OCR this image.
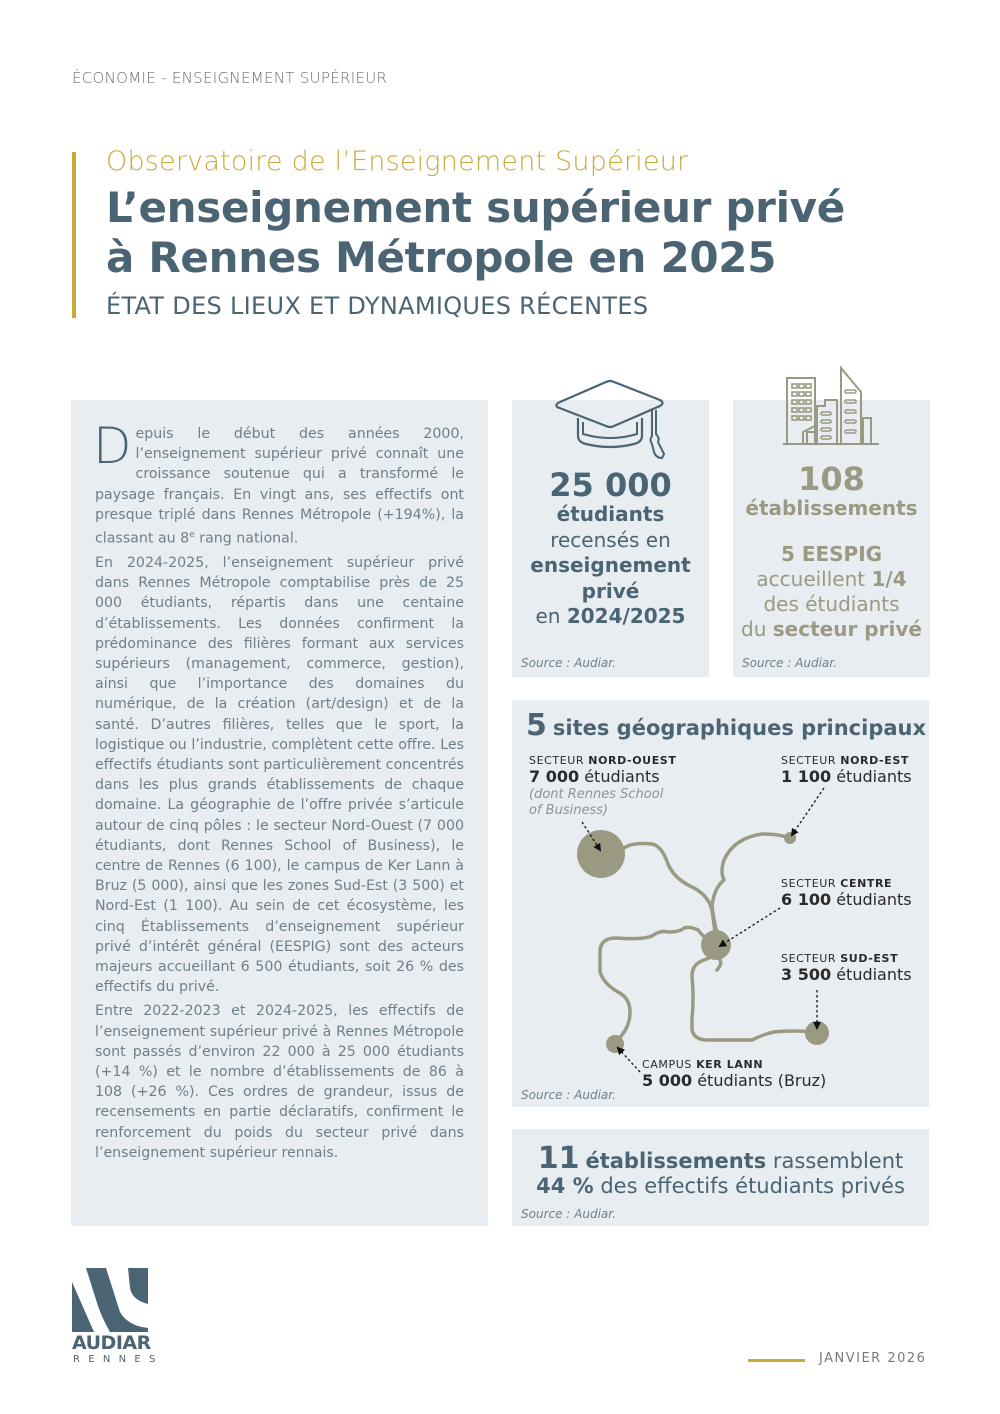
ÉCONOMIE - ENSEIGNEMENT SUPÉRIEUR
Observatoire de l’Enseignement Supérieur
L’enseignement supérieur privé
à Rennes Métropole en 2025
ÉTAT DES LIEUX ET DYNAMIQUES RÉCENTES

Depuis le début des années 2000, l’enseignement supérieur privé connaît une croissance soutenue qui a transformé le paysage français. En vingt ans, ses effectifs ont presque triplé dans Rennes Métropole (+194%), la classant au 8e rang national.

En 2024-2025, l’enseignement supérieur privé dans Rennes Métropole comptabilise près de 25 000 étudiants, répartis dans une centaine d’établissements. Les données confirment la prédominance des filières formant aux services supérieurs (management, commerce, gestion), ainsi que l’importance des domaines du numérique, de la création (art/design) et de la santé. D’autres filières, telles que le sport, la logistique ou l’industrie, complètent cette offre. Les effectifs étudiants sont particulièrement concentrés dans les plus grands établissements de chaque domaine. La géographie de l’offre privée s’articule autour de cinq pôles : le secteur Nord-Ouest (7 000 étudiants, dont Rennes School of Business), le centre de Rennes (6 100), le campus de Ker Lann à Bruz (5 000), ainsi que les zones Sud-Est (3 500) et Nord-Est (1 100). Au sein de cet écosystème, les cinq Établissements d’enseignement supérieur privé d’intérêt général (EESPIG) sont des acteurs majeurs accueillant 6 500 étudiants, soit 26 % des effectifs du privé.

Entre 2022-2023 et 2024-2025, les effectifs de l’enseignement supérieur privé à Rennes Métropole sont passés d’environ 22 000 à 25 000 étudiants (+14 %) et le nombre d’établissements de 86 à 108 (+26 %). Ces ordres de grandeur, issus de recensements en partie déclaratifs, confirment le renforcement du poids du secteur privé dans l’enseignement supérieur rennais.

25 000
étudiants
recensés en
enseignement
privé
en 2024/2025
Source : Audiar.
108
établissements
5 EESPIG
accueillent 1/4
des étudiants
du secteur privé
Source : Audiar.
5 sites géographiques principaux
SECTEUR NORD-OUEST
7 000 étudiants
(dont Rennes School of Business)
SECTEUR NORD-EST
1 100 étudiants
SECTEUR CENTRE
6 100 étudiants
SECTEUR SUD-EST
3 500 étudiants
CAMPUS KER LANN
5 000 étudiants (Bruz)
Source : Audiar.
11 établissements rassemblent
44 % des effectifs étudiants privés
Source : Audiar.
AUDIAR
RENNES	JANVIER 2026
